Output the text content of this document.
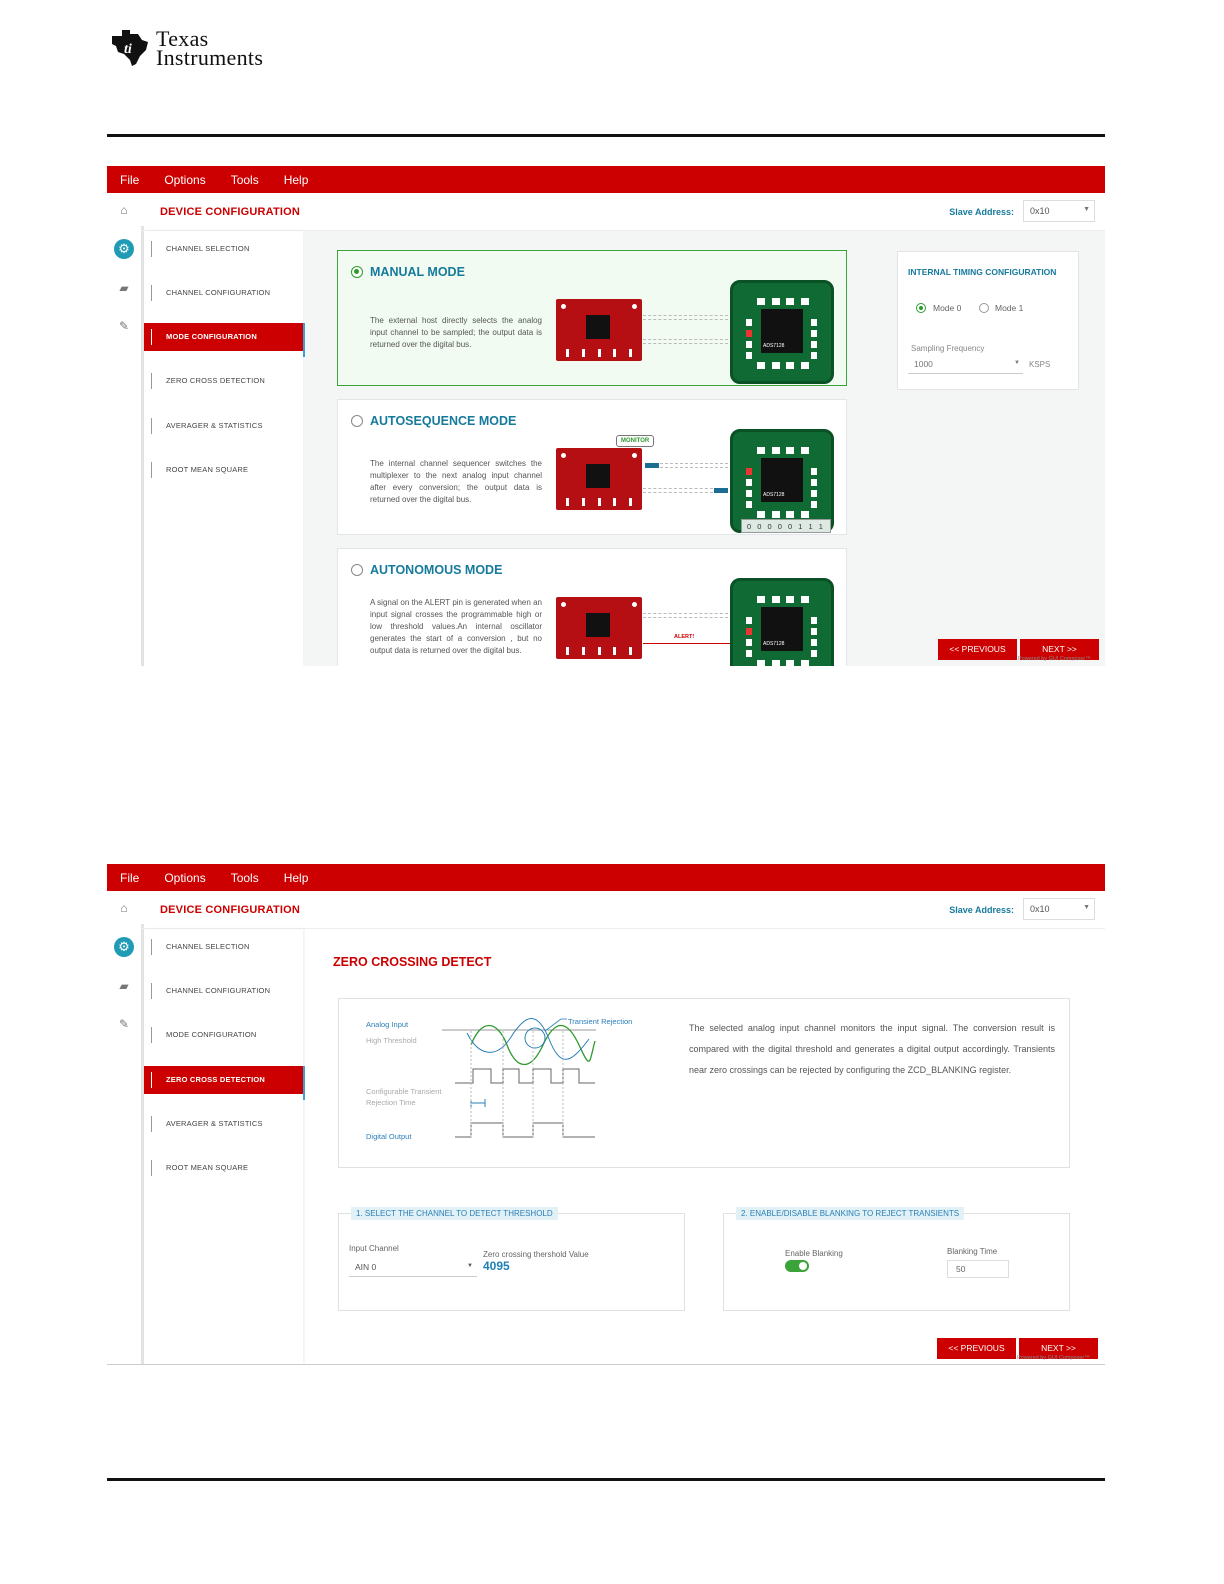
ti Texas
Instruments
File Options Tools Help
⌂
⚙
▰
✎
DEVICE CONFIGURATION	Slave Address:	0x10	▼
CHANNEL SELECTION
CHANNEL CONFIGURATION
MODE CONFIGURATION
ZERO CROSS DETECTION
AVERAGER & STATISTICS
ROOT MEAN SQUARE
MANUAL MODE
The external host directly selects the analog input channel to be sampled; the output data is returned over the digital bus.	ADS7128
AUTOSEQUENCE MODE
The internal channel sequencer switches the multiplexer to the next analog input channel after every conversion; the output data is returned over the digital bus.
MONITOR
ADS7128
0 0 0 0 0 1 1 1
AUTONOMOUS MODE
A signal on the ALERT pin is generated when an input signal crosses the programmable high or low threshold values.An internal oscillator generates the start of a conversion , but no output data is returned over the digital bus.
ALERT!
ADS7128
INTERNAL TIMING CONFIGURATION
Mode 0	Mode 1
Sampling Frequency
1000	▼ KSPS
<< PREVIOUS	NEXT >>
Powered by GUI Composer™
File Options Tools Help
⌂
⚙
▰
✎
DEVICE CONFIGURATION	Slave Address:	0x10	▼
CHANNEL SELECTION
CHANNEL CONFIGURATION
MODE CONFIGURATION
ZERO CROSS DETECTION
AVERAGER & STATISTICS
ROOT MEAN SQUARE
ZERO CROSSING DETECT
Analog Input
High Threshold
Configurable Transient
Rejection Time
Digital Output
Transient Rejection
The selected analog input channel monitors the input signal. The conversion result is compared with the digital threshold and generates a digital output accordingly. Transients near zero crossings can be rejected by configuring the ZCD_BLANKING register.
1. SELECT THE CHANNEL TO DETECT THRESHOLD
Input Channel
AIN 0	▼
Zero crossing thershold Value
4095
2. ENABLE/DISABLE BLANKING TO REJECT TRANSIENTS
Enable Blanking	Blanking Time
50
<< PREVIOUS	NEXT >>
Powered by GUI Composer™
